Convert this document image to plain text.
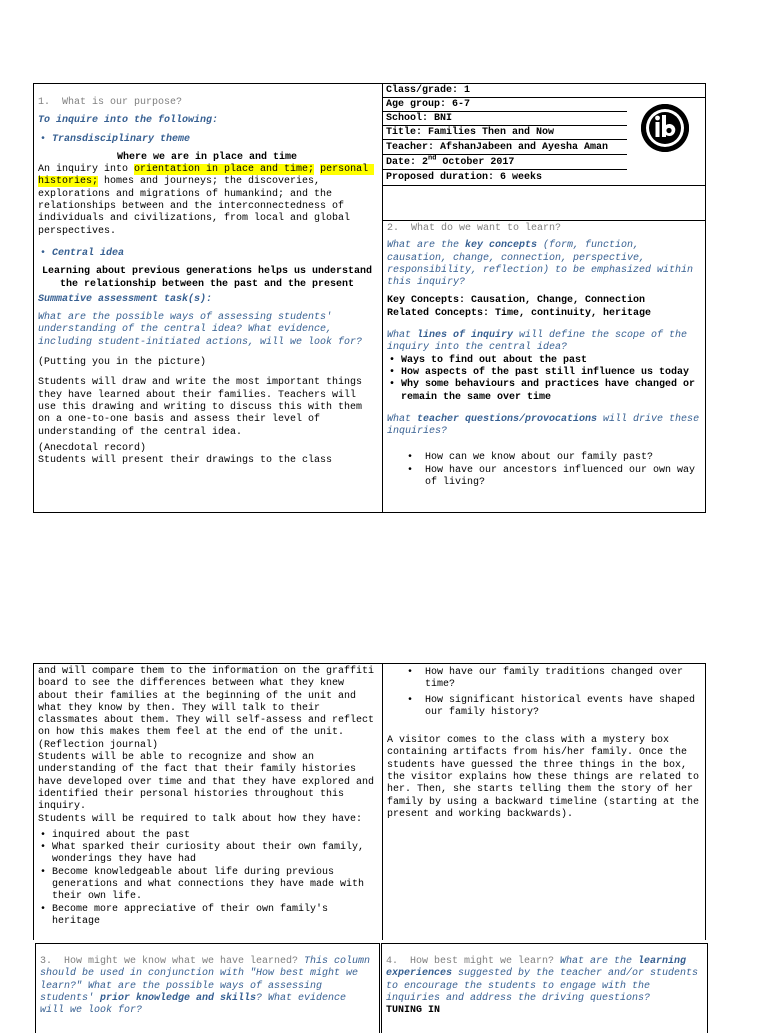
Class/grade: 1
Age group: 6-7
School: BNI
Title: Families Then and Now
Teacher: AfshanJabeen and Ayesha Aman
Date: 2nd October 2017
Proposed duration: 6 weeks

1.  What is our purpose?

To inquire into the following:

• Transdisciplinary theme

Where we are in place and time

An inquiry into orientation in place and time; personal histories; homes and journeys; the discoveries, explorations and migrations of humankind; and the relationships between and the interconnectedness of individuals and civilizations, from local and global perspectives.

• Central idea

Learning about previous generations helps us understand the relationship between the past and the present

Summative assessment task(s):

What are the possible ways of assessing students' understanding of the central idea? What evidence, including student-initiated actions, will we look for?

(Putting you in the picture)

Students will draw and write the most important things they have learned about their families. Teachers will use this drawing and writing to discuss this with them on a one-to-one basis and assess their level of understanding of the central idea.

(Anecdotal record)

Students will present their drawings to the class

2.  What do we want to learn?

What are the key concepts (form, function, causation, change, connection, perspective, responsibility, reflection) to be emphasized within this inquiry?

Key Concepts: Causation, Change, Connection

Related Concepts: Time, continuity, heritage

What lines of inquiry will define the scope of the inquiry into the central idea?

• Ways to find out about the past
• How aspects of the past still influence us today
• Why some behaviours and practices have changed or remain the same over time

What teacher questions/provocations will drive these inquiries?

• How can we know about our family past?
• How have our ancestors influenced our own way of living?

and will compare them to the information on the graffiti board to see the differences between what they knew about their families at the beginning of the unit and what they know by then. They will talk to their classmates about them. They will self-assess and reflect on how this makes them feel at the end of the unit. (Reflection journal)
Students will be able to recognize and show an understanding of the fact that their family histories have developed over time and that they have explored and identified their personal histories throughout this inquiry.
Students will be required to talk about how they have:

• inquired about the past
• What sparked their curiosity about their own family, wonderings they have had
• Become knowledgeable about life during previous generations and what connections they have made with their own life.
• Become more appreciative of their own family's heritage
• How have our family traditions changed over time?
• How significant historical events have shaped our family history?

A visitor comes to the class with a mystery box containing artifacts from his/her family. Once the students have guessed the three things in the box, the visitor explains how these things are related to her. Then, she starts telling them the story of her family by using a backward timeline (starting at the present and working backwards).

3.  How might we know what we have learned? This column should be used in conjunction with "How best might we learn?" What are the possible ways of assessing students' prior knowledge and skills? What evidence will we look for?

4.  How best might we learn? What are the learning experiences suggested by the teacher and/or students to encourage the students to engage with the inquiries and address the driving questions?

TUNING IN
